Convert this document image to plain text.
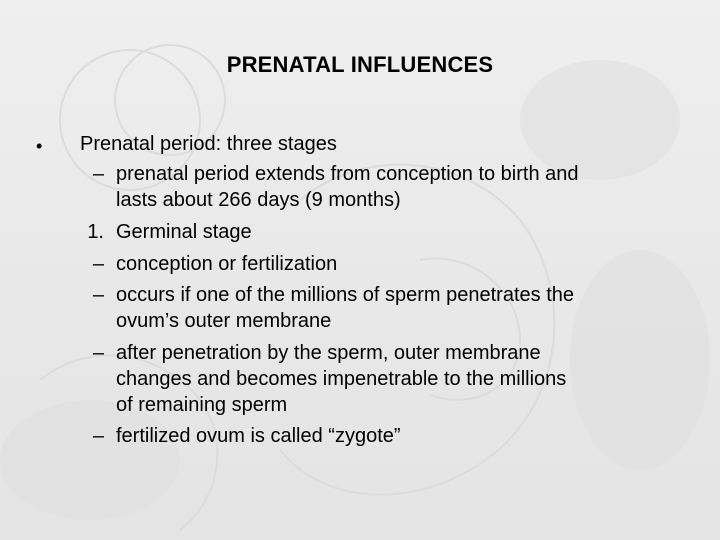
PRENATAL INFLUENCES
• Prenatal period: three stages
– prenatal period extends from conception to birth and
lasts about 266 days (9 months)
1. Germinal stage
– conception or fertilization
– occurs if one of the millions of sperm penetrates the
ovum’s outer membrane
– after penetration by the sperm, outer membrane
changes and becomes impenetrable to the millions
of remaining sperm
– fertilized ovum is called “zygote”
